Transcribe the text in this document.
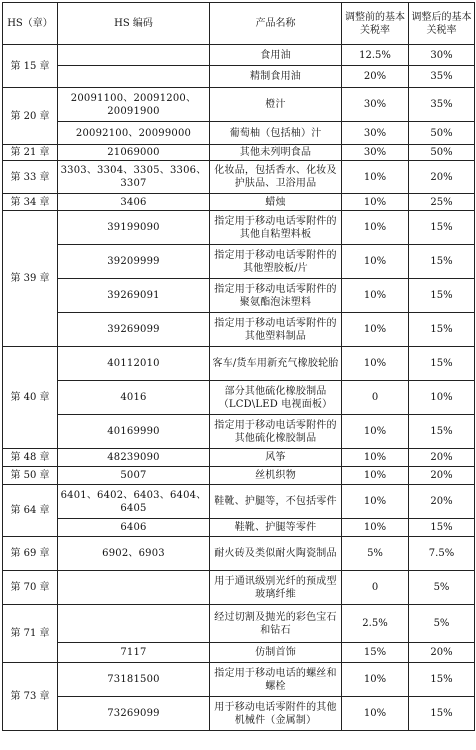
HS（章）	HS 编码	产品名称	调整前的基本关税率	调整后的基本关税率
第 15 章		食用油	12.5%	30%
		精制食用油	20%	35%
第 20 章	20091100、20091200、20091900	橙汁	30%	35%
	20092100、20099000	葡萄柚（包括柚）汁	30%	50%
第 21 章	21069000	其他未列明食品	30%	50%
第 33 章	3303、3304、3305、3306、3307	化妆品，包括香水、化妆及护肤品、卫浴用品	10%	20%
第 34 章	3406	蜡烛	10%	25%
第 39 章	39199090	指定用于移动电话零附件的其他自粘塑料板	10%	15%
	39209999	指定用于移动电话零附件的其他塑胶板/片	10%	15%
	39269091	指定用于移动电话零附件的聚氨酯泡沫塑料	10%	15%
	39269099	指定用于移动电话零附件的其他塑料制品	10%	15%
第 40 章	40112010	客车/货车用新充气橡胶轮胎	10%	15%
	4016	部分其他硫化橡胶制品（LCD\LED 电视面板）	0	10%
	40169990	指定用于移动电话零附件的其他硫化橡胶制品	10%	15%
第 48 章	48239090	风筝	10%	20%
第 50 章	5007	丝机织物	10%	20%
第 64 章	6401、6402、6403、6404、6405	鞋靴、护腿等，不包括零件	10%	20%
	6406	鞋靴、护腿等零件	10%	15%
第 69 章	6902、6903	耐火砖及类似耐火陶瓷制品	5%	7.5%
第 70 章		用于通讯级别光纤的预成型玻璃纤维	0	5%
第 71 章		经过切割及抛光的彩色宝石和钻石	2.5%	5%
	7117	仿制首饰	15%	20%
第 73 章	73181500	指定用于移动电话的螺丝和螺栓	10%	15%
	73269099	用于移动电话零附件的其他机械件（金属制）	10%	15%
